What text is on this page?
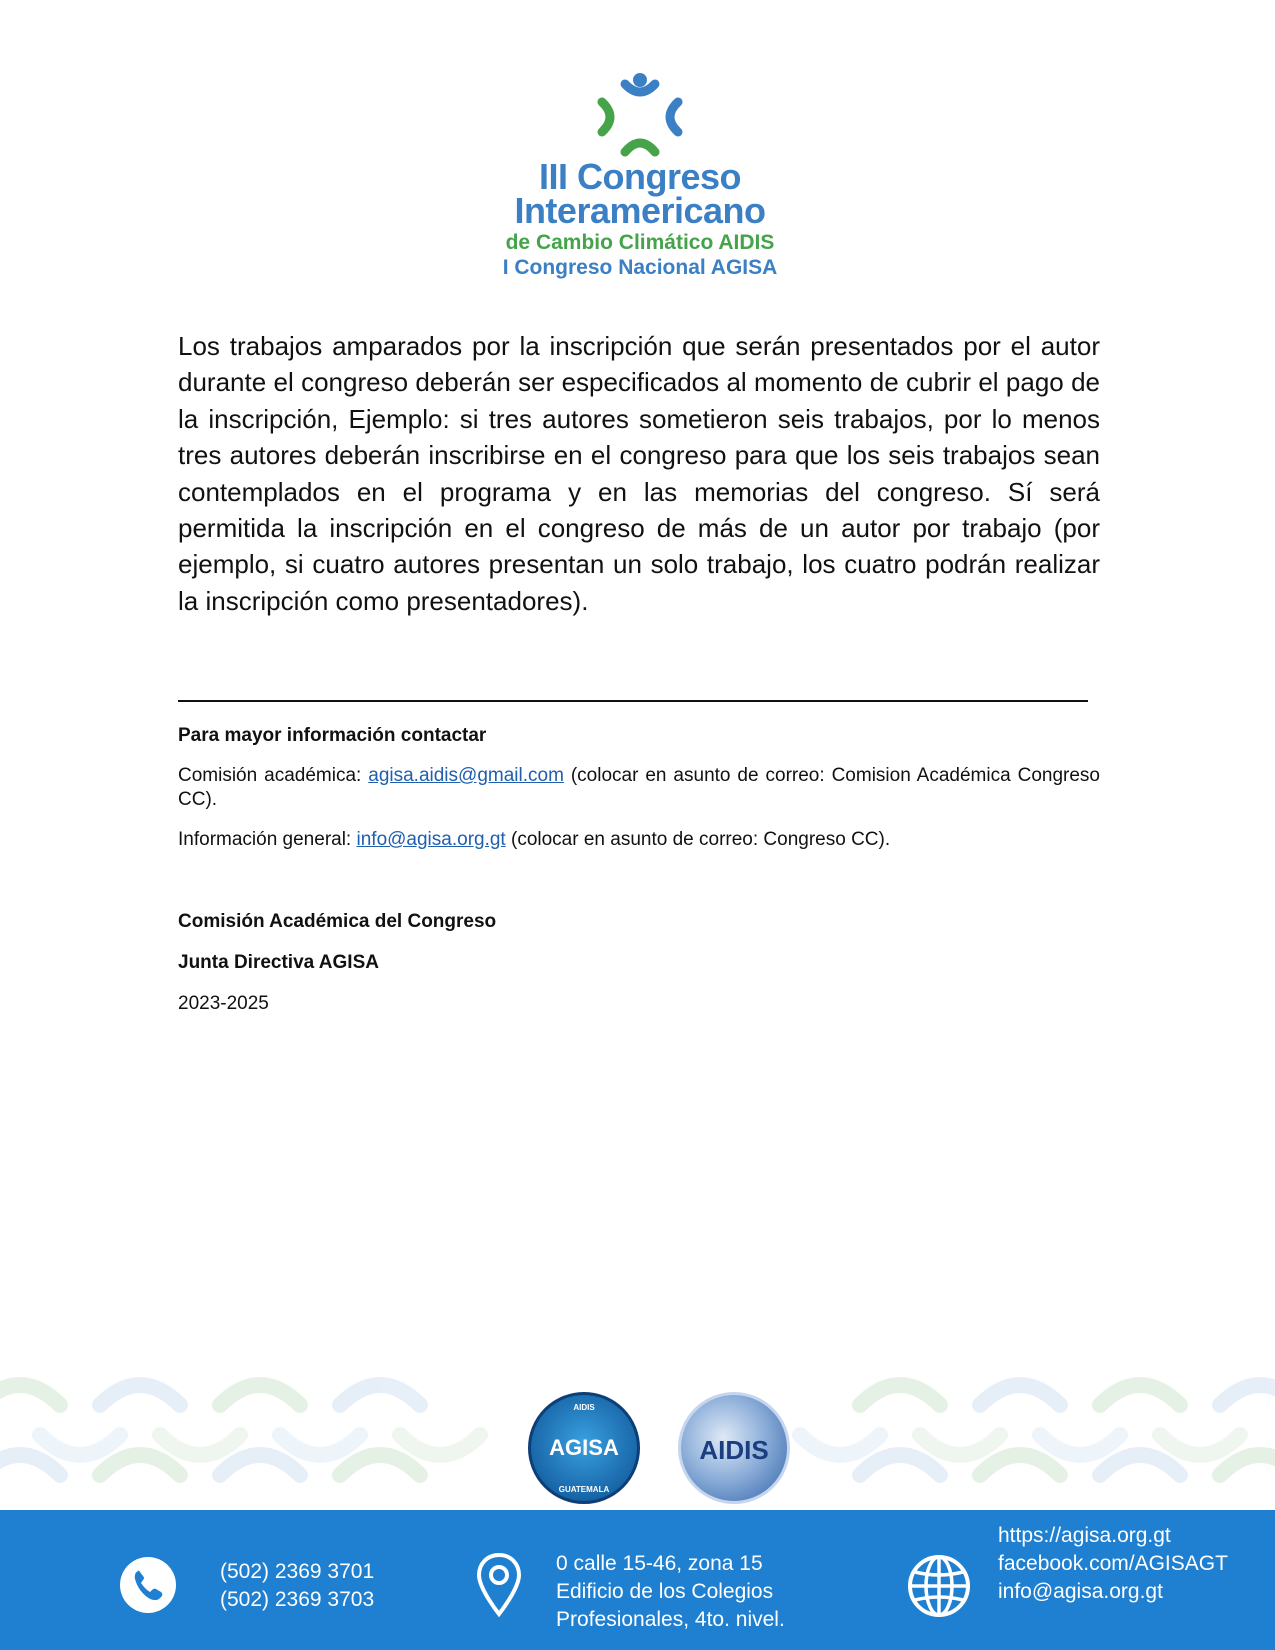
III Congreso
Interamericano
de Cambio Climático AIDIS
I Congreso Nacional AGISA

Los trabajos amparados por la inscripción que serán presentados por el autor durante el congreso deberán ser especificados al momento de cubrir el pago de la inscripción, Ejemplo: si tres autores sometieron seis trabajos, por lo menos tres autores deberán inscribirse en el congreso para que los seis trabajos sean contemplados en el programa y en las memorias del congreso. Sí será permitida la inscripción en el congreso de más de un autor por trabajo (por ejemplo, si cuatro autores presentan un solo trabajo, los cuatro podrán realizar la inscripción como presentadores).

Para mayor información contactar

Comisión académica: agisa.aidis@gmail.com (colocar en asunto de correo: Comision Académica Congreso CC).

Información general: info@agisa.org.gt (colocar en asunto de correo: Congreso CC).

Comisión Académica del Congreso

Junta Directiva AGISA

2023-2025

AIDIS
AGISA
GUATEMALA
AIDIS
(502) 2369 3701
(502) 2369 3703
0 calle 15-46, zona 15
Edificio de los Colegios
Profesionales, 4to. nivel.
https://agisa.org.gt
facebook.com/AGISAGT
info@agisa.org.gt
